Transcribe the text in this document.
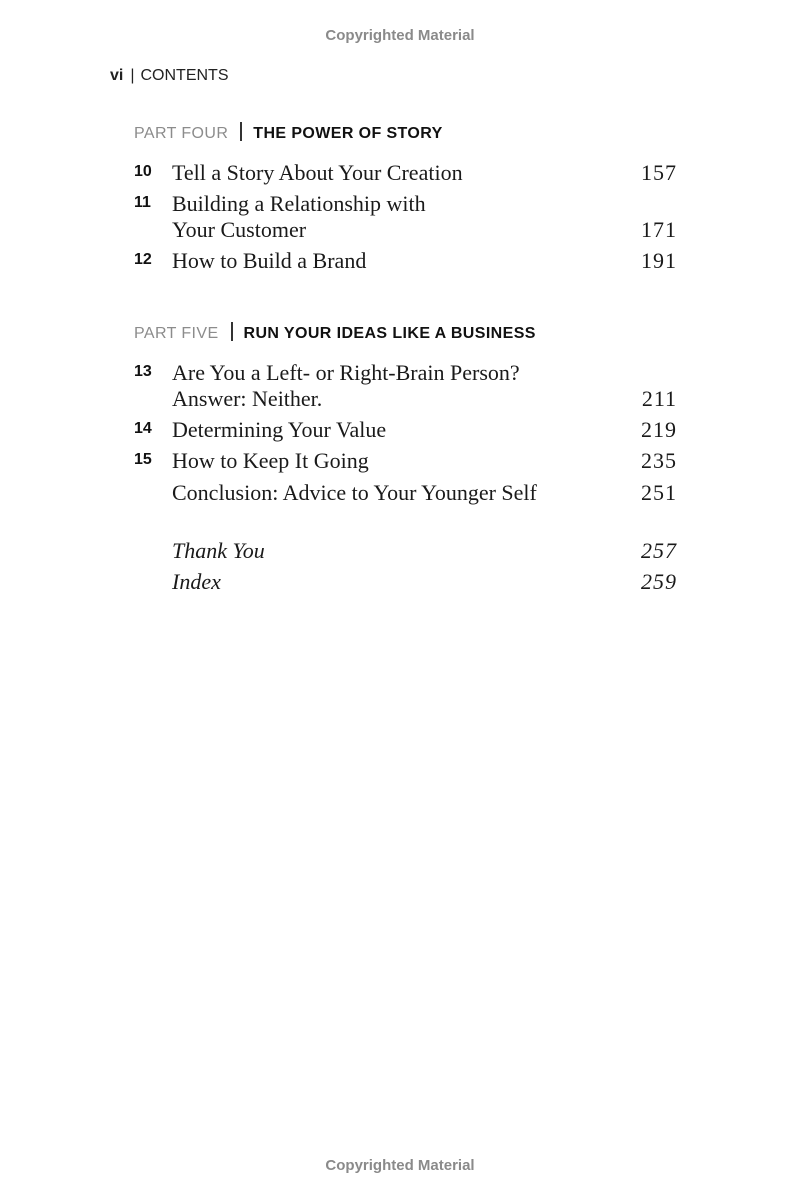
Copyrighted Material
vi | CONTENTS
PART FOUR THE POWER OF STORY
10 Tell a Story About Your Creation	157
11 Building a Relationship with
Your Customer	171
12 How to Build a Brand	191
PART FIVE RUN YOUR IDEAS LIKE A BUSINESS
13 Are You a Left- or Right-Brain Person?
Answer: Neither.	211
14 Determining Your Value	219
15 How to Keep It Going	235
Conclusion: Advice to Your Younger Self	251
Thank You	257
Index	259
Copyrighted Material
